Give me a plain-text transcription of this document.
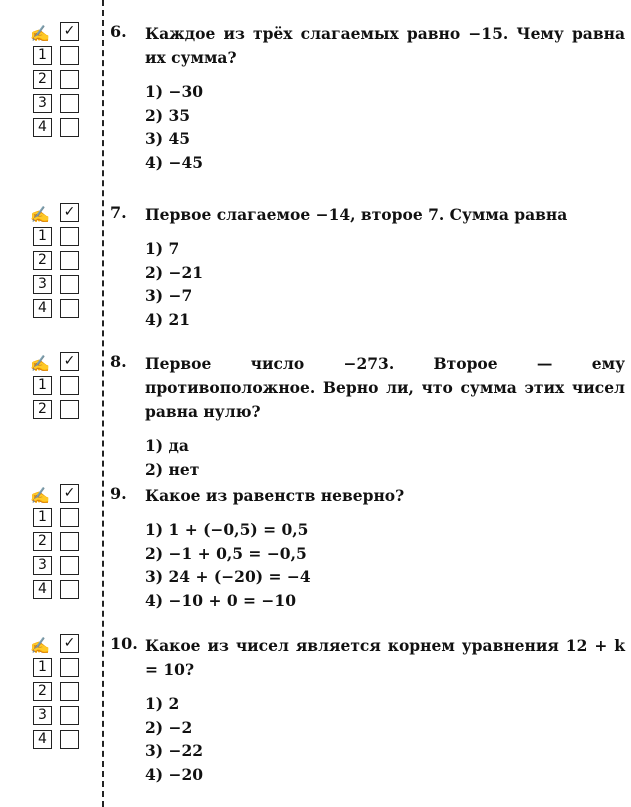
✍ ✓
1
2
3
4
6. Каждое из трёх слагаемых равно −15. Чему равна их сумма?
1) −30
2) 35
3) 45
4) −45
✍ ✓
1
2
3
4
7. Первое слагаемое −14, второе 7. Сумма равна
1) 7
2) −21
3) −7
4) 21
✍ ✓
1
2
8. Первое число −273. Второе — ему противоположное. Верно ли, что сумма этих чисел равна нулю?
1) да
2) нет
✍ ✓
1
2
3
4
9. Какое из равенств неверно?
1) 1 + (−0,5) = 0,5
2) −1 + 0,5 = −0,5
3) 24 + (−20) = −4
4) −10 + 0 = −10
✍ ✓
1
2
3
4
10. Какое из чисел является корнем уравнения 12 + k = 10?
1) 2
2) −2
3) −22
4) −20
